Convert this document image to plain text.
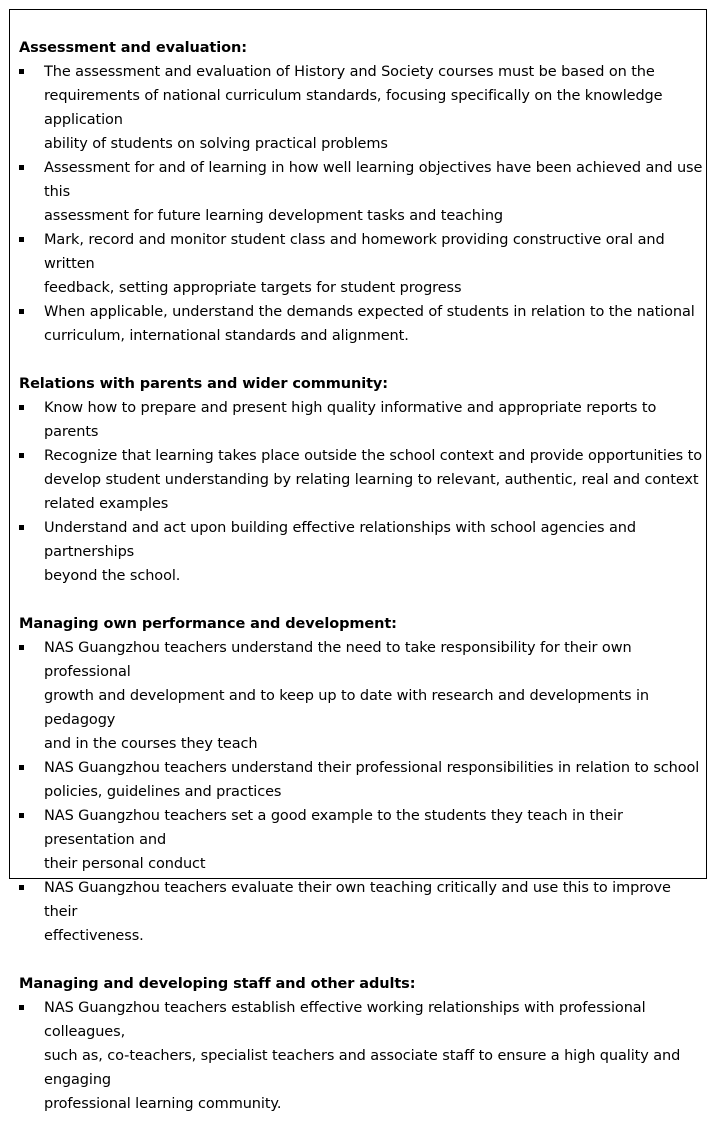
Assessment and evaluation:
The assessment and evaluation of History and Society courses must be based on the
requirements of national curriculum standards, focusing specifically on the knowledge application
ability of students on solving practical problems
Assessment for and of learning in how well learning objectives have been achieved and use this
assessment for future learning development tasks and teaching
Mark, record and monitor student class and homework providing constructive oral and written
feedback, setting appropriate targets for student progress
When applicable, understand the demands expected of students in relation to the national
curriculum, international standards and alignment.
Relations with parents and wider community:
Know how to prepare and present high quality informative and appropriate reports to parents
Recognize that learning takes place outside the school context and provide opportunities to
develop student understanding by relating learning to relevant, authentic, real and context
related examples
Understand and act upon building effective relationships with school agencies and partnerships
beyond the school.
Managing own performance and development:
NAS Guangzhou teachers understand the need to take responsibility for their own professional
growth and development and to keep up to date with research and developments in pedagogy
and in the courses they teach
NAS Guangzhou teachers understand their professional responsibilities in relation to school
policies, guidelines and practices
NAS Guangzhou teachers set a good example to the students they teach in their presentation and
their personal conduct
NAS Guangzhou teachers evaluate their own teaching critically and use this to improve their
effectiveness.
Managing and developing staff and other adults:
NAS Guangzhou teachers establish effective working relationships with professional colleagues,
such as, co-teachers, specialist teachers and associate staff to ensure a high quality and engaging
professional learning community.
